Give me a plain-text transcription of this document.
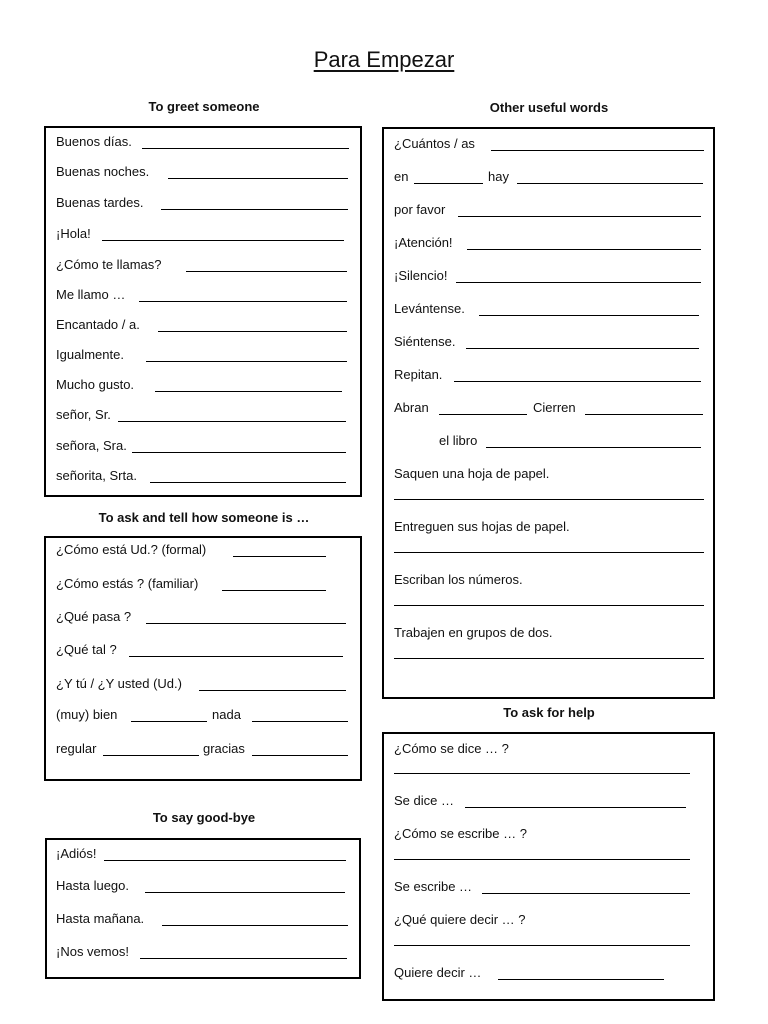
Para Empezar
To greet someone
Buenos días.
Buenas noches.
Buenas tardes.
¡Hola!
¿Cómo te llamas?
Me llamo …
Encantado / a.
Igualmente.
Mucho gusto.
señor, Sr.
señora, Sra.
señorita, Srta.
To ask and tell how someone is …
¿Cómo está Ud.? (formal)
¿Cómo estás ? (familiar)
¿Qué pasa ?
¿Qué tal ?
¿Y tú / ¿Y usted (Ud.)
(muy) bien	nada
regular	gracias
To say good-bye
¡Adiós!
Hasta luego.
Hasta mañana.
¡Nos vemos!
Other useful words
¿Cuántos / as
en	hay
por favor
¡Atención!
¡Silencio!
Levántense.
Siéntense.
Repitan.
Abran	Cierren
el libro
Saquen una hoja de papel.
Entreguen sus hojas de papel.
Escriban los números.
Trabajen en grupos de dos.
To ask for help
¿Cómo se dice … ?
Se dice …
¿Cómo se escribe … ?
Se escribe …
¿Qué quiere decir … ?
Quiere decir …
